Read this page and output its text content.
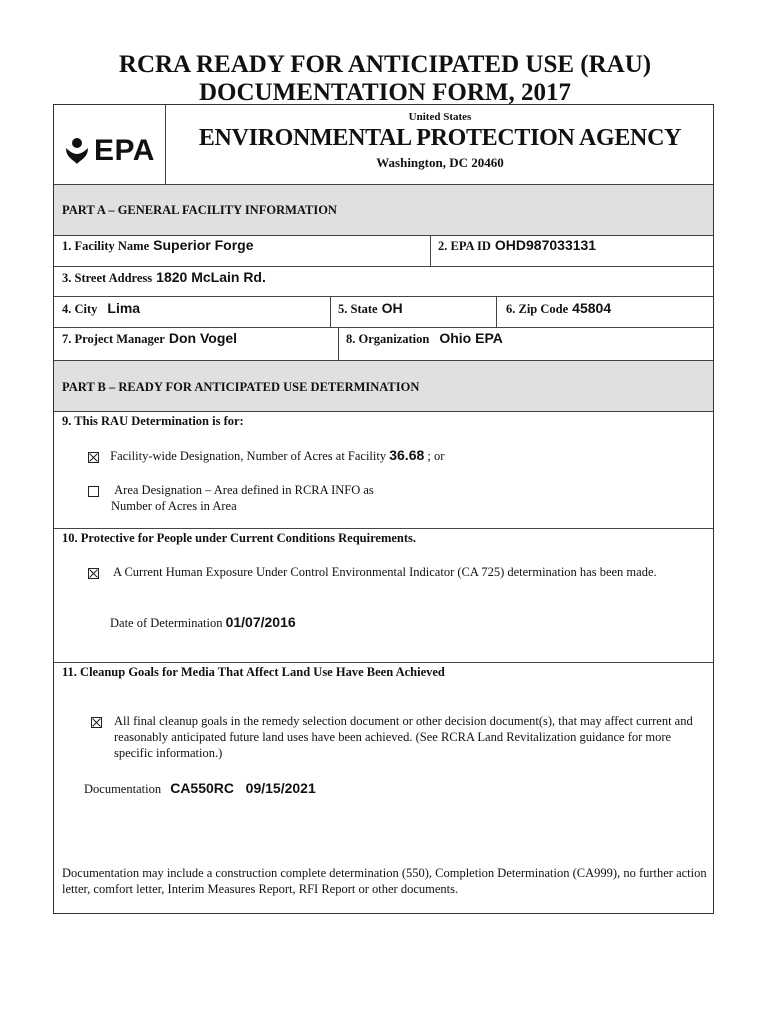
RCRA READY FOR ANTICIPATED USE (RAU)
DOCUMENTATION FORM, 2017
EPA
United States
ENVIRONMENTAL PROTECTION AGENCY
Washington, DC 20460
PART A – GENERAL FACILITY INFORMATION
1. Facility Name Superior Forge	2. EPA ID OHD987033131
3. Street Address 1820 McLain Rd.
4. City Lima	5. State OH	6. Zip Code 45804
7. Project Manager Don Vogel	8. Organization Ohio EPA
PART B – READY FOR ANTICIPATED USE DETERMINATION
9. This RAU Determination is for:
Facility-wide Designation, Number of Acres at Facility 36.68 ; or
Area Designation – Area defined in RCRA INFO as
Number of Acres in Area
10. Protective for People under Current Conditions Requirements.
A Current Human Exposure Under Control Environmental Indicator (CA 725) determination has been made.
Date of Determination 01/07/2016
11. Cleanup Goals for Media That Affect Land Use Have Been Achieved
All final cleanup goals in the remedy selection document or other decision document(s), that may affect current and reasonably anticipated future land uses have been achieved. (See RCRA Land Revitalization guidance for more specific information.)
Documentation CA550RC   09/15/2021
Documentation may include a construction complete determination (550), Completion Determination (CA999), no further action letter, comfort letter, Interim Measures Report, RFI Report or other documents.
